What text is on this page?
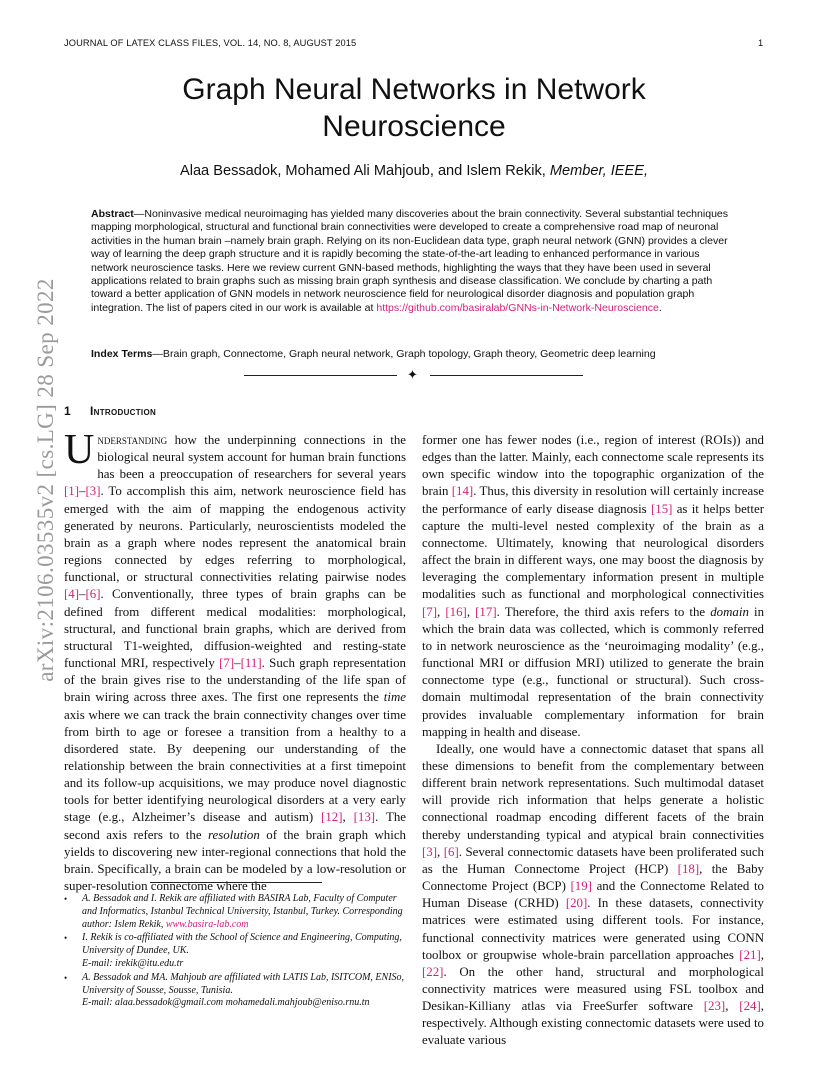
JOURNAL OF LATEX CLASS FILES, VOL. 14, NO. 8, AUGUST 2015	1
arXiv:2106.03535v2 [cs.LG] 28 Sep 2022
Graph Neural Networks in Network Neuroscience
Alaa Bessadok, Mohamed Ali Mahjoub, and Islem Rekik, Member, IEEE,
Abstract—Noninvasive medical neuroimaging has yielded many discoveries about the brain connectivity. Several substantial techniques mapping morphological, structural and functional brain connectivities were developed to create a comprehensive road map of neuronal activities in the human brain –namely brain graph. Relying on its non-Euclidean data type, graph neural network (GNN) provides a clever way of learning the deep graph structure and it is rapidly becoming the state-of-the-art leading to enhanced performance in various network neuroscience tasks. Here we review current GNN-based methods, highlighting the ways that they have been used in several applications related to brain graphs such as missing brain graph synthesis and disease classification. We conclude by charting a path toward a better application of GNN models in network neuroscience field for neurological disorder diagnosis and population graph integration. The list of papers cited in our work is available at https://github.com/basiralab/GNNs-in-Network-Neuroscience.
Index Terms—Brain graph, Connectome, Graph neural network, Graph topology, Graph theory, Geometric deep learning
✦
1 Introduction

Understanding how the underpinning connections in the biological neural system account for human brain functions has been a preoccupation of researchers for several years [1]–[3]. To accomplish this aim, network neuroscience field has emerged with the aim of mapping the endogenous activity generated by neurons. Particularly, neuroscientists modeled the brain as a graph where nodes represent the anatomical brain regions connected by edges referring to morphological, functional, or structural connectivities relating pairwise nodes [4]–[6]. Conventionally, three types of brain graphs can be defined from different medical modalities: morphological, structural, and functional brain graphs, which are derived from structural T1-weighted, diffusion-weighted and resting-state functional MRI, respectively [7]–[11]. Such graph representation of the brain gives rise to the understanding of the life span of brain wiring across three axes. The first one represents the time axis where we can track the brain connectivity changes over time from birth to age or foresee a transition from a healthy to a disordered state. By deepening our understanding of the relationship between the brain connectivities at a first timepoint and its follow-up acquisitions, we may produce novel diagnostic tools for better identifying neurological disorders at a very early stage (e.g., Alzheimer’s disease and autism) [12], [13]. The second axis refers to the resolution of the brain graph which yields to discovering new inter-regional connections that hold the brain. Specifically, a brain can be modeled by a low-resolution or super-resolution connectome where the

• A. Bessadok and I. Rekik are affiliated with BASIRA Lab, Faculty of Computer and Informatics, Istanbul Technical University, Istanbul, Turkey. Corresponding author: Islem Rekik, www.basira-lab.com
• I. Rekik is co-affiliated with the School of Science and Engineering, Computing, University of Dundee, UK.
E-mail: irekik@itu.edu.tr
• A. Bessadok and MA. Mahjoub are affiliated with LATIS Lab, ISITCOM, ENISo, University of Sousse, Sousse, Tunisia.
E-mail: alaa.bessadok@gmail.com mohamedali.mahjoub@eniso.rnu.tn

former one has fewer nodes (i.e., region of interest (ROIs)) and edges than the latter. Mainly, each connectome scale represents its own specific window into the topographic organization of the brain [14]. Thus, this diversity in resolution will certainly increase the performance of early disease diagnosis [15] as it helps better capture the multi-level nested complexity of the brain as a connectome. Ultimately, knowing that neurological disorders affect the brain in different ways, one may boost the diagnosis by leveraging the complementary information present in multiple modalities such as functional and morphological connectivities [7], [16], [17]. Therefore, the third axis refers to the domain in which the brain data was collected, which is commonly referred to in network neuroscience as the ‘neuroimaging modality’ (e.g., functional MRI or diffusion MRI) utilized to generate the brain connectome type (e.g., functional or structural). Such cross-domain multimodal representation of the brain connectivity provides invaluable complementary information for brain mapping in health and disease.

Ideally, one would have a connectomic dataset that spans all these dimensions to benefit from the complementary between different brain network representations. Such multimodal dataset will provide rich information that helps generate a holistic connectional roadmap encoding different facets of the brain thereby understanding typical and atypical brain connectivities [3], [6]. Several connectomic datasets have been proliferated such as the Human Connectome Project (HCP) [18], the Baby Connectome Project (BCP) [19] and the Connectome Related to Human Disease (CRHD) [20]. In these datasets, connectivity matrices were estimated using different tools. For instance, functional connectivity matrices were generated using CONN toolbox or groupwise whole-brain parcellation approaches [21], [22]. On the other hand, structural and morphological connectivity matrices were measured using FSL toolbox and Desikan-Killiany atlas via FreeSurfer software [23], [24], respectively. Although existing connectomic datasets were used to evaluate various
